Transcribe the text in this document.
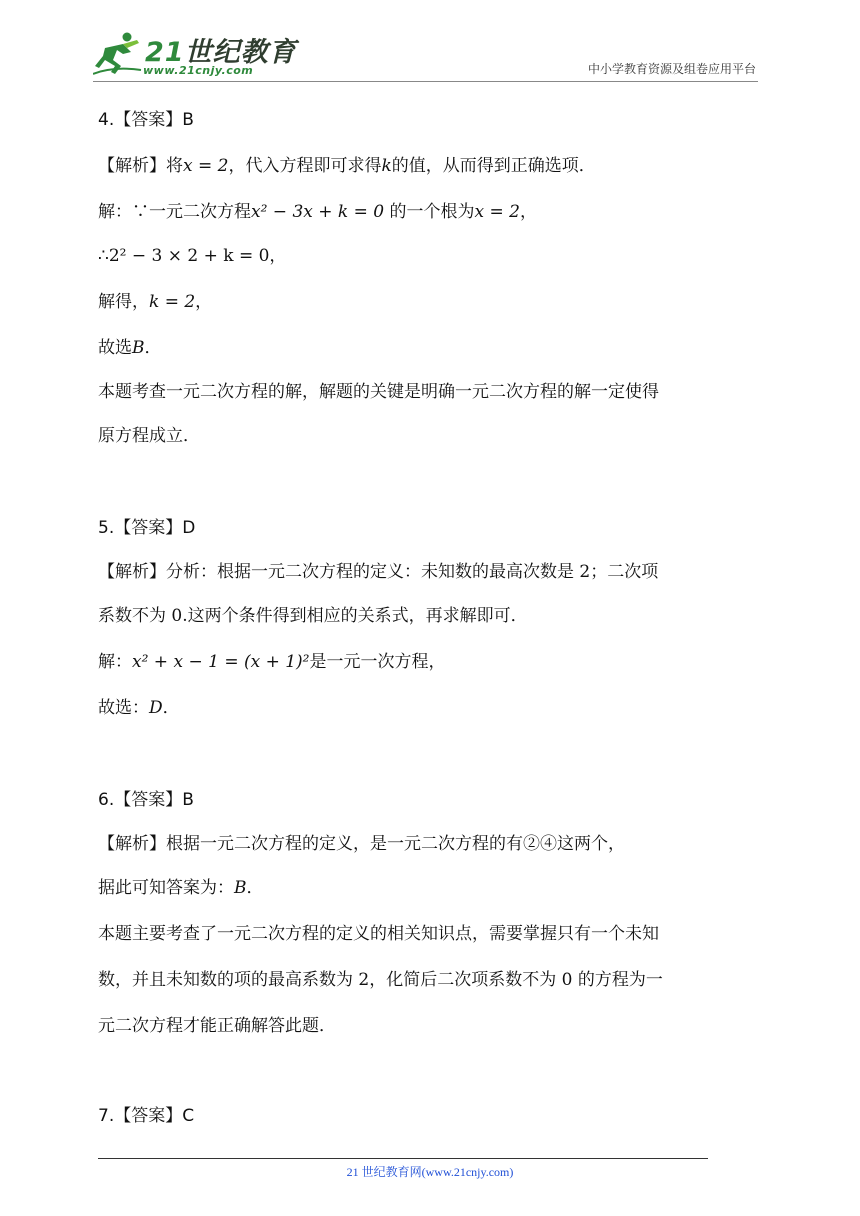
21世纪教育
www.21cnjy.com	中小学教育资源及组卷应用平台
4.【答案】B
【解析】将x = 2，代入方程即可求得k的值，从而得到正确选项．
解：∵一元二次方程x² − 3x + k = 0 的一个根为x = 2，
∴2² − 3 × 2 + k = 0，
解得，k = 2，
故选B．
本题考查一元二次方程的解，解题的关键是明确一元二次方程的解一定使得
原方程成立．
5.【答案】D
【解析】分析：根据一元二次方程的定义：未知数的最高次数是 2；二次项
系数不为 0.这两个条件得到相应的关系式，再求解即可．
解：x² + x − 1 = (x + 1)²是一元一次方程，
故选：D．
6.【答案】B
【解析】根据一元二次方程的定义，是一元二次方程的有②④这两个，
据此可知答案为：B．
本题主要考查了一元二次方程的定义的相关知识点，需要掌握只有一个未知
数，并且未知数的项的最高系数为 2，化简后二次项系数不为 0 的方程为一
元二次方程才能正确解答此题．
7.【答案】C
21 世纪教育网(www.21cnjy.com)
